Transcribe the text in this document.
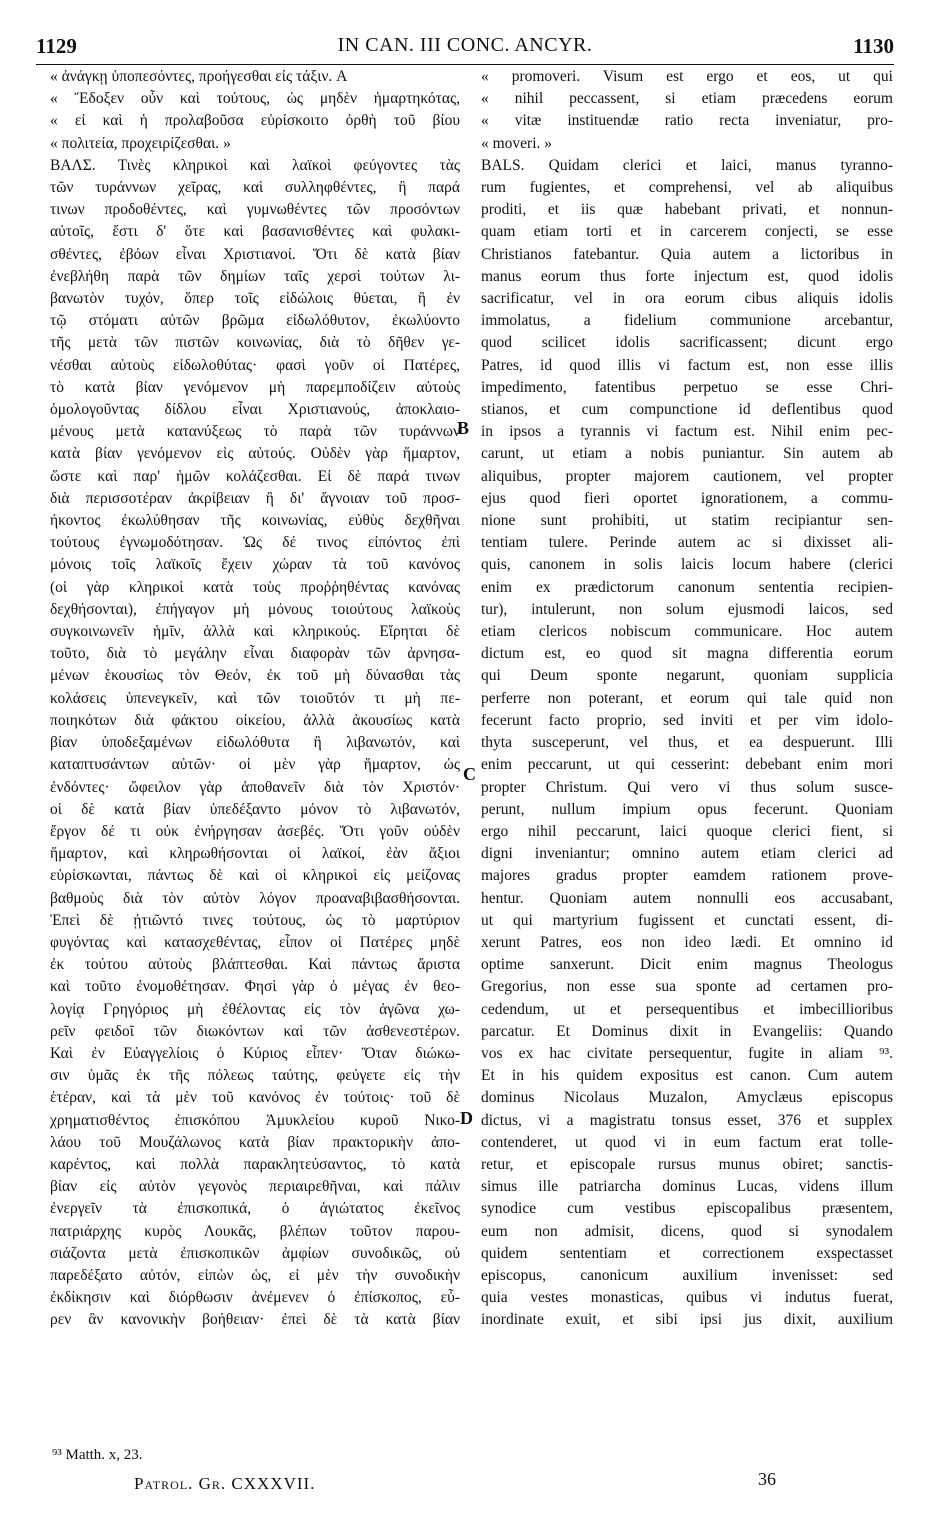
1129	IN CAN. III CONC. ANCYR.	1130
« ἀνάγκῃ ὑποπεσόντες, προήγεσθαι εἰς τάξιν. A
« Ἔδοξεν οὖν καὶ τούτους, ὡς μηδὲν ἡμαρτηκότας,
« εἰ καὶ ἡ προλαβοῦσα εὑρίσκοιτο ὀρθὴ τοῦ βίου
« πολιτεία, προχειρίζεσθαι. »
ΒΑΛΣ. Τινὲς κληρικοὶ καὶ λαϊκοὶ φεύγοντες τὰς
τῶν τυράννων χεῖρας, καὶ συλληφθέντες, ἢ παρά
τινων προδοθέντες, καὶ γυμνωθέντες τῶν προσόντων
αὐτοῖς, ἔστι δ' ὅτε καὶ βασανισθέντες καὶ φυλακι-
σθέντες, ἐβόων εἶναι Χριστιανοί. Ὅτι δὲ κατὰ βίαν
ἐνεβλήθη παρὰ τῶν δημίων ταῖς χερσὶ τούτων λι-
βανωτὸν τυχόν, ὅπερ τοῖς εἰδώλοις θύεται, ἢ ἐν
τῷ στόματι αὐτῶν βρῶμα εἰδωλόθυτον, ἐκωλύοντο
τῆς μετὰ τῶν πιστῶν κοινωνίας, διὰ τὸ δῆθεν γε-
νέσθαι αὐτοὺς εἰδωλοθύτας· φασὶ γοῦν οἱ Πατέρες,
τὸ κατὰ βίαν γενόμενον μὴ παρεμποδίζειν αὐτοὺς
ὁμολογοῦντας δίδλου εἶναι Χριστιανούς, ἀποκλαιο-
μένους μετὰ κατανύξεως τὸ παρὰ τῶν τυράννων
κατὰ βίαν γενόμενον εἰς αὐτούς. Οὐδὲν γὰρ ἥμαρτον,
ὥστε καὶ παρ' ἡμῶν κολάζεσθαι. Εἰ δὲ παρά τινων
διὰ περισσοτέραν ἀκρίβειαν ἢ δι' ἄγνοιαν τοῦ προσ-
ήκοντος ἐκωλύθησαν τῆς κοινωνίας, εὐθὺς δεχθῆναι
τούτους ἐγνωμοδότησαν. Ὡς δέ τινος εἰπόντος ἐπὶ
μόνοις τοῖς λαϊκοῖς ἔχειν χώραν τὰ τοῦ κανόνος
(οἱ γὰρ κληρικοὶ κατὰ τοὺς προῤῥηθέντας κανόνας
δεχθήσονται), ἐπήγαγον μὴ μόνους τοιούτους λαϊκοὺς
συγκοινωνεῖν ἡμῖν, ἀλλὰ καὶ κληρικούς. Εἴρηται δὲ
τοῦτο, διὰ τὸ μεγάλην εἶναι διαφορὰν τῶν ἀρνησα-
μένων ἑκουσίως τὸν Θεόν, ἐκ τοῦ μὴ δύνασθαι τὰς
κολάσεις ὑπενεγκεῖν, καὶ τῶν τοιοῦτόν τι μὴ πε-
ποιηκότων διὰ φάκτου οἰκείου, ἀλλὰ ἀκουσίως κατὰ
βίαν ὑποδεξαμένων εἰδωλόθυτα ἢ λιβανωτόν, καὶ
καταπτυσάντων αὐτῶν· οἱ μὲν γὰρ ἥμαρτον, ὡς
ἐνδόντες· ὤφειλον γὰρ ἀποθανεῖν διὰ τὸν Χριστόν·
οἱ δὲ κατὰ βίαν ὑπεδέξαντο μόνον τὸ λιβανωτόν,
ἔργον δέ τι οὐκ ἐνήργησαν ἀσεβές. Ὅτι γοῦν οὐδὲν
ἥμαρτον, καὶ κληρωθήσονται οἱ λαϊκοί, ἐὰν ἄξιοι
εὑρίσκωνται, πάντως δὲ καὶ οἱ κληρικοὶ εἰς μείζονας
βαθμοὺς διὰ τὸν αὐτὸν λόγον προαναβιβασθήσονται.
Ἐπεὶ δὲ ᾐτιῶντό τινες τούτους, ὡς τὸ μαρτύριον
φυγόντας καὶ κατασχεθέντας, εἶπον οἱ Πατέρες μηδὲ
ἐκ τούτου αὐτοὺς βλάπτεσθαι. Καὶ πάντως ἄριστα
καὶ τοῦτο ἐνομοθέτησαν. Φησὶ γὰρ ὁ μέγας ἐν θεο-
λογίᾳ Γρηγόριος μὴ ἐθέλοντας εἰς τὸν ἀγῶνα χω-
ρεῖν φειδοῖ τῶν διωκόντων καὶ τῶν ἀσθενεστέρων.
Καὶ ἐν Εὐαγγελίοις ὁ Κύριος εἶπεν· Ὅταν διώκω-
σιν ὑμᾶς ἐκ τῆς πόλεως ταύτης, φεύγετε εἰς τὴν
ἑτέραν, καὶ τὰ μὲν τοῦ κανόνος ἐν τούτοις· τοῦ δὲ
χρηματισθέντος ἐπισκόπου Ἀμυκλείου κυροῦ Νικο-
λάου τοῦ Μουζάλωνος κατὰ βίαν πρακτορικὴν ἀπο-
καρέντος, καὶ πολλὰ παρακλητεύσαντος, τὸ κατὰ
βίαν εἰς αὐτὸν γεγονὸς περιαιρεθῆναι, καὶ πάλιν
ἐνεργεῖν τὰ ἐπισκοπικά, ὁ ἁγιώτατος ἐκεῖνος
πατριάρχης κυρὸς Λουκᾶς, βλέπων τοῦτον παρου-
σιάζοντα μετὰ ἐπισκοπικῶν ἀμφίων συνοδικῶς, οὐ
παρεδέξατο αὐτόν, εἰπὼν ὡς, εἰ μὲν τὴν συνοδικὴν
ἐκδίκησιν καὶ διόρθωσιν ἀνέμενεν ὁ ἐπίσκοπος, εὗ-
ρεν ἂν κανονικὴν βοήθειαν· ἐπεὶ δὲ τὰ κατὰ βίαν
« promoveri. Visum est ergo et eos, ut qui
« nihil peccassent, si etiam præcedens eorum
« vitæ instituendæ ratio recta inveniatur, pro-
« moveri. »
BALS. Quidam clerici et laici, manus tyranno-
rum fugientes, et comprehensi, vel ab aliquibus
proditi, et iis quæ habebant privati, et nonnun-
quam etiam torti et in carcerem conjecti, se esse
Christianos fatebantur. Quia autem a lictoribus in
manus eorum thus forte injectum est, quod idolis
sacrificatur, vel in ora eorum cibus aliquis idolis
immolatus, a fidelium communione arcebantur,
quod scilicet idolis sacrificassent; dicunt ergo
Patres, id quod illis vi factum est, non esse illis
impedimento, fatentibus perpetuo se esse Chri-
stianos, et cum compunctione id deflentibus quod
in ipsos a tyrannis vi factum est. Nihil enim pec-
carunt, ut etiam a nobis puniantur. Sin autem ab
aliquibus, propter majorem cautionem, vel propter
ejus quod fieri oportet ignorationem, a commu-
nione sunt prohibiti, ut statim recipiantur sen-
tentiam tulere. Perinde autem ac si dixisset ali-
quis, canonem in solis laicis locum habere (clerici
enim ex prædictorum canonum sententia recipien-
tur), intulerunt, non solum ejusmodi laicos, sed
etiam clericos nobiscum communicare. Hoc autem
dictum est, eo quod sit magna differentia eorum
qui Deum sponte negarunt, quoniam supplicia
perferre non poterant, et eorum qui tale quid non
fecerunt facto proprio, sed inviti et per vim idolo-
thyta susceperunt, vel thus, et ea despuerunt. Illi
enim peccarunt, ut qui cesserint: debebant enim mori
propter Christum. Qui vero vi thus solum susce-
perunt, nullum impium opus fecerunt. Quoniam
ergo nihil peccarunt, laici quoque clerici fient, si
digni inveniantur; omnino autem etiam clerici ad
majores gradus propter eamdem rationem prove-
hentur. Quoniam autem nonnulli eos accusabant,
ut qui martyrium fugissent et cunctati essent, di-
xerunt Patres, eos non ideo lædi. Et omnino id
optime sanxerunt. Dicit enim magnus Theologus
Gregorius, non esse sua sponte ad certamen pro-
cedendum, ut et persequentibus et imbecillioribus
parcatur. Et Dominus dixit in Evangeliis: Quando
vos ex hac civitate persequentur, fugite in aliam ⁹³.
Et in his quidem expositus est canon. Cum autem
dominus Nicolaus Muzalon, Amyclæus episcopus
dictus, vi a magistratu tonsus esset, 376 et supplex
contenderet, ut quod vi in eum factum erat tolle-
retur, et episcopale rursus munus obiret; sanctis-
simus ille patriarcha dominus Lucas, videns illum
synodice cum vestibus episcopalibus præsentem,
eum non admisit, dicens, quod si synodalem
quidem sententiam et correctionem exspectasset
episcopus, canonicum auxilium invenisset: sed
quia vestes monasticas, quibus vi indutus fuerat,
inordinate exuit, et sibi ipsi jus dixit, auxilium
B
C
D
⁹³ Matth. x, 23.
Patrol. Gr. CXXXVII.	36
